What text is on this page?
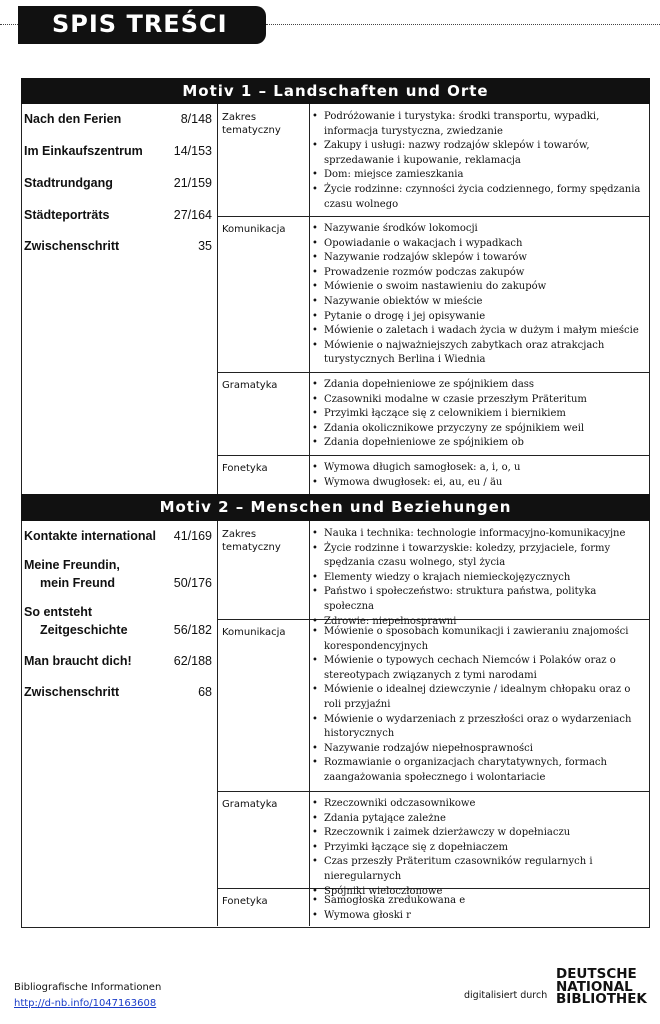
SPIS TREŚCI
Motiv 1 – Landschaften und Orte
Nach den Ferien	8/148
Im Einkaufszentrum 14/153
Stadtrundgang	21/159
Städteporträts	27/164
Zwischenschritt	35
Zakres tematyczny
• Podróżowanie i turystyka: środki transportu, wypadki, informacja turystyczna, zwiedzanie
• Zakupy i usługi: nazwy rodzajów sklepów i towarów, sprzedawanie i kupowanie, reklamacja
• Dom: miejsce zamieszkania
• Życie rodzinne: czynności życia codziennego, formy spędzania czasu wolnego
Komunikacja	• Nazywanie środków lokomocji
• Opowiadanie o wakacjach i wypadkach
• Nazywanie rodzajów sklepów i towarów
• Prowadzenie rozmów podczas zakupów
• Mówienie o swoim nastawieniu do zakupów
• Nazywanie obiektów w mieście
• Pytanie o drogę i jej opisywanie
• Mówienie o zaletach i wadach życia w dużym i małym mieście
• Mówienie o najważniejszych zabytkach oraz atrakcjach turystycznych Berlina i Wiednia
Gramatyka	• Zdania dopełnieniowe ze spójnikiem dass
• Czasowniki modalne w czasie przeszłym Präteritum
• Przyimki łączące się z celownikiem i biernikiem
• Zdania okolicznikowe przyczyny ze spójnikiem weil
• Zdania dopełnieniowe ze spójnikiem ob
Fonetyka	• Wymowa długich samogłosek: a, i, o, u
• Wymowa dwugłosek: ei, au, eu / äu
Motiv 2 – Menschen und Beziehungen
Kontakte international 41/169
Meine Freundin,
mein Freund	50/176
So entsteht
Zeitgeschichte	56/182
Man braucht dich!	62/188
Zwischenschritt	68
Zakres tematyczny
• Nauka i technika: technologie informacyjno-komunikacyjne
• Życie rodzinne i towarzyskie: koledzy, przyjaciele, formy spędzania czasu wolnego, styl życia
• Elementy wiedzy o krajach niemieckojęzycznych
• Państwo i społeczeństwo: struktura państwa, polityka społeczna
• Zdrowie: niepełnosprawni
Komunikacja	• Mówienie o sposobach komunikacji i zawieraniu znajomości korespondencyjnych
• Mówienie o typowych cechach Niemców i Polaków oraz o stereotypach związanych z tymi narodami
• Mówienie o idealnej dziewczynie / idealnym chłopaku oraz o roli przyjaźni
• Mówienie o wydarzeniach z przeszłości oraz o wydarzeniach historycznych
• Nazywanie rodzajów niepełnosprawności
• Rozmawianie o organizacjach charytatywnych, formach zaangażowania społecznego i wolontariacie
Gramatyka	• Rzeczowniki odczasownikowe
• Zdania pytające zależne
• Rzeczownik i zaimek dzierżawczy w dopełniaczu
• Przyimki łączące się z dopełniaczem
• Czas przeszły Präteritum czasowników regularnych i nieregularnych
• Spójniki wieloczłonowe
Fonetyka	• Samogłoska zredukowana e
• Wymowa głoski r
Bibliografische Informationen
http://d-nb.info/1047163608
digitalisiert durch
DEUTSCHE
NATIONAL
BIBLIOTHEK
